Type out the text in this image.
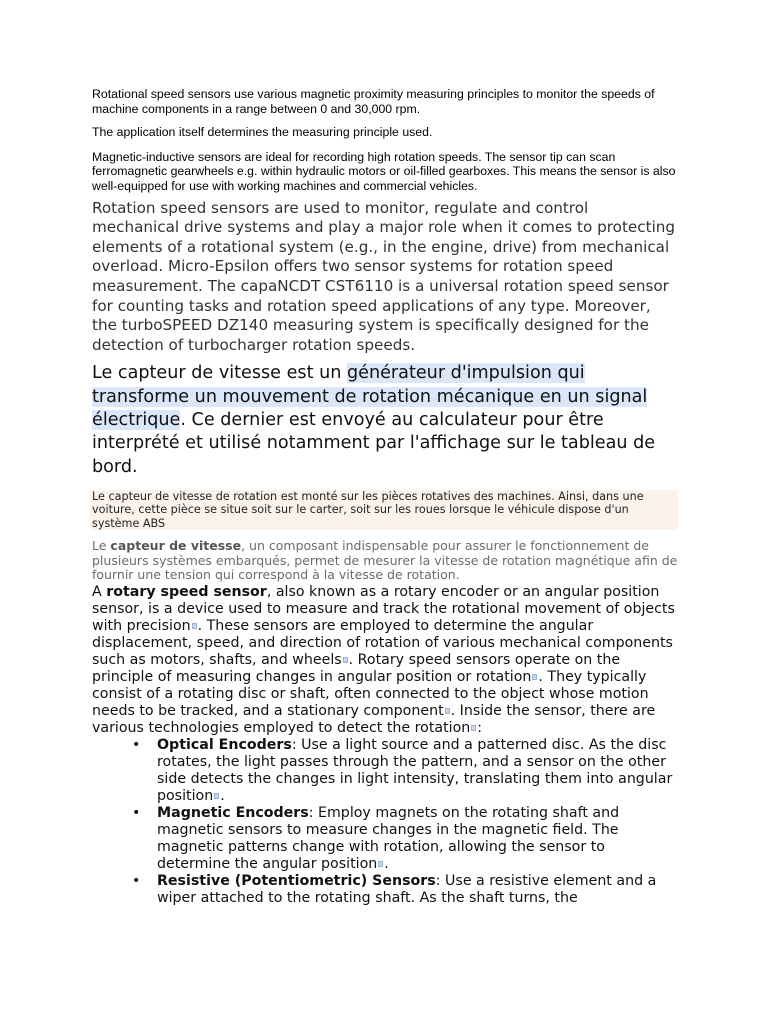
Rotational speed sensors use various magnetic proximity measuring principles to monitor the speeds of machine components in a range between 0 and 30,000 rpm.

The application itself determines the measuring principle used.

Magnetic-inductive sensors are ideal for recording high rotation speeds. The sensor tip can scan ferromagnetic gearwheels e.g. within hydraulic motors or oil-filled gearboxes. This means the sensor is also well-equipped for use with working machines and commercial vehicles.

Rotation speed sensors are used to monitor, regulate and control mechanical drive systems and play a major role when it comes to protecting elements of a rotational system (e.g., in the engine, drive) from mechanical overload. Micro-Epsilon offers two sensor systems for rotation speed measurement. The capaNCDT CST6110 is a universal rotation speed sensor for counting tasks and rotation speed applications of any type. Moreover, the turboSPEED DZ140 measuring system is specifically designed for the detection of turbocharger rotation speeds.

Le capteur de vitesse est un générateur d'impulsion qui transforme un mouvement de rotation mécanique en un signal électrique. Ce dernier est envoyé au calculateur pour être interprété et utilisé notamment par l'affichage sur le tableau de bord.

Le capteur de vitesse de rotation est monté sur les pièces rotatives des machines. Ainsi, dans une voiture, cette pièce se situe soit sur le carter, soit sur les roues lorsque le véhicule dispose d'un système ABS

Le capteur de vitesse, un composant indispensable pour assurer le fonctionnement de plusieurs systèmes embarqués, permet de mesurer la vitesse de rotation magnétique afin de fournir une tension qui correspond à la vitesse de rotation.

A rotary speed sensor, also known as a rotary encoder or an angular position sensor, is a device used to measure and track the rotational movement of objects with precision . These sensors are employed to determine the angular displacement, speed, and direction of rotation of various mechanical components such as motors, shafts, and wheels . Rotary speed sensors operate on the principle of measuring changes in angular position or rotation . They typically consist of a rotating disc or shaft, often connected to the object whose motion needs to be tracked, and a stationary component . Inside the sensor, there are various technologies employed to detect the rotation :

• Optical Encoders: Use a light source and a patterned disc. As the disc rotates, the light passes through the pattern, and a sensor on the other side detects the changes in light intensity, translating them into angular position .
• Magnetic Encoders: Employ magnets on the rotating shaft and magnetic sensors to measure changes in the magnetic field. The magnetic patterns change with rotation, allowing the sensor to determine the angular position .
• Resistive (Potentiometric) Sensors: Use a resistive element and a wiper attached to the rotating shaft. As the shaft turns, the
